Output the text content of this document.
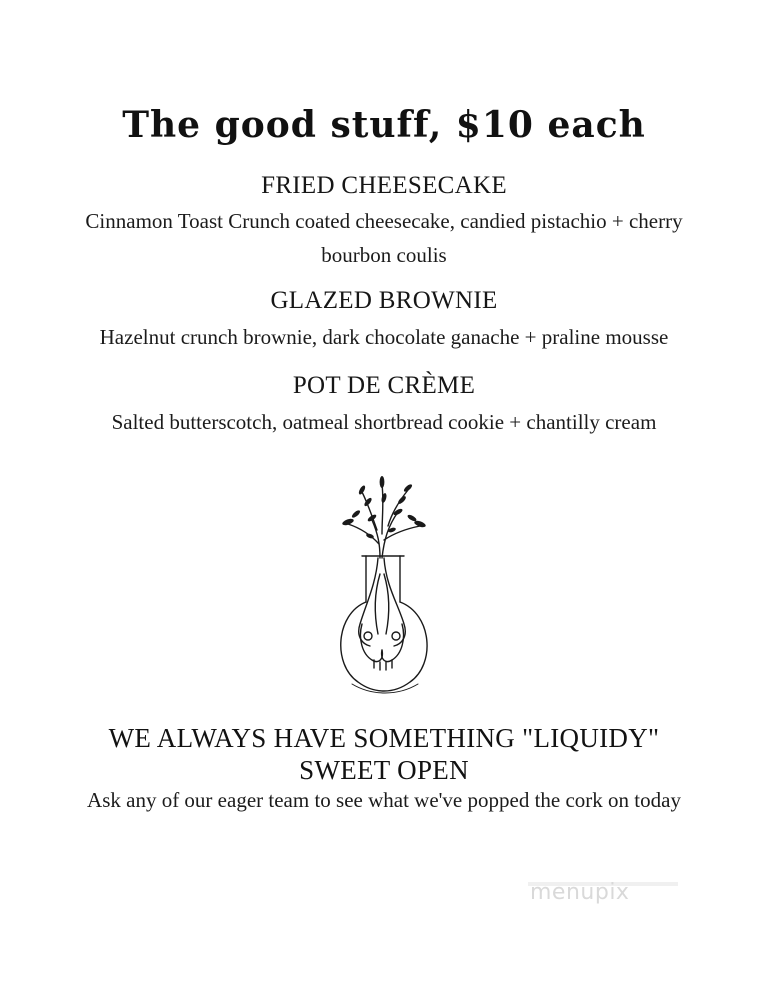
The good stuff, $10 each
FRIED CHEESECAKE
Cinnamon Toast Crunch coated cheesecake, candied pistachio + cherry bourbon coulis
GLAZED BROWNIE
Hazelnut crunch brownie, dark chocolate ganache + praline mousse
POT DE CRÈME
Salted butterscotch, oatmeal shortbread cookie + chantilly cream
WE ALWAYS HAVE SOMETHING "LIQUIDY"
SWEET OPEN
Ask any of our eager team to see what we've popped the cork on today
menupix
